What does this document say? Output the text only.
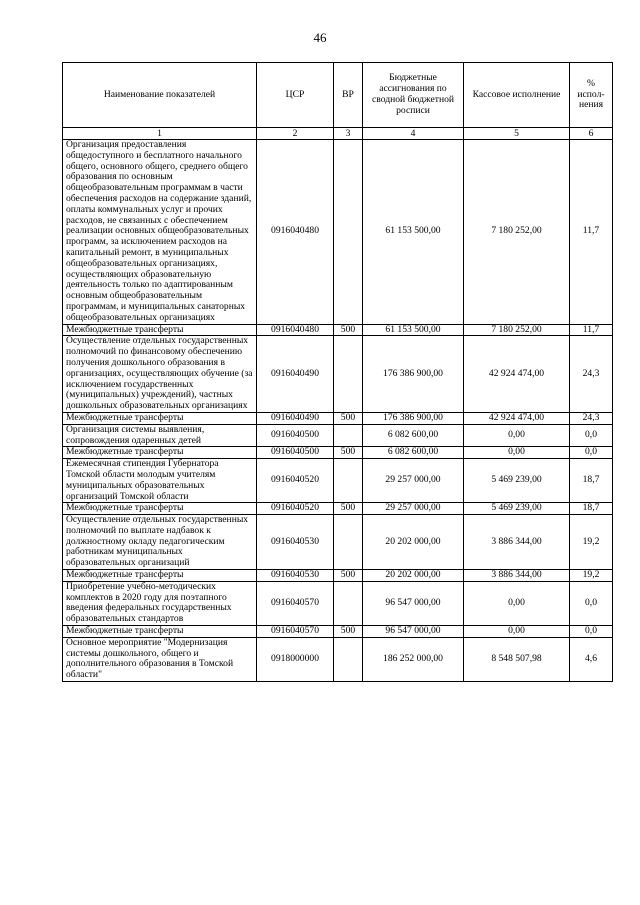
46
Наименование показателей	ЦСР	ВР	Бюджетные ассигнования по сводной бюджетной росписи	Кассовое исполнение	% испол-нения
1	2	3	4	5	6
Организация предоставления общедоступного и бесплатного начального общего, основного общего, среднего общего образования по основным общеобразовательным программам в части обеспечения расходов на содержание зданий, оплаты коммунальных услуг и прочих расходов, не связанных с обеспечением реализации основных общеобразовательных программ, за исключением расходов на капитальный ремонт, в муниципальных общеобразовательных организациях, осуществляющих образовательную деятельность только по адаптированным основным общеобразовательным программам, и муниципальных санаторных общеобразовательных организациях	0916040480		61 153 500,00	7 180 252,00	11,7
Межбюджетные трансферты	0916040480	500	61 153 500,00	7 180 252,00	11,7
Осуществление отдельных государственных полномочий по финансовому обеспечению получения дошкольного образования в организациях, осуществляющих обучение (за исключением государственных (муниципальных) учреждений), частных дошкольных образовательных организациях	0916040490		176 386 900,00	42 924 474,00	24,3
Межбюджетные трансферты	0916040490	500	176 386 900,00	42 924 474,00	24,3
Организация системы выявления, сопровождения одаренных детей	0916040500		6 082 600,00	0,00	0,0
Межбюджетные трансферты	0916040500	500	6 082 600,00	0,00	0,0
Ежемесячная стипендия Губернатора Томской области молодым учителям муниципальных образовательных организаций Томской области	0916040520		29 257 000,00	5 469 239,00	18,7
Межбюджетные трансферты	0916040520	500	29 257 000,00	5 469 239,00	18,7
Осуществление отдельных государственных полномочий по выплате надбавок к должностному окладу педагогическим работникам муниципальных образовательных организаций	0916040530		20 202 000,00	3 886 344,00	19,2
Межбюджетные трансферты	0916040530	500	20 202 000,00	3 886 344,00	19,2
Приобретение учебно-методических комплектов в 2020 году для поэтапного введения федеральных государственных образовательных стандартов	0916040570		96 547 000,00	0,00	0,0
Межбюджетные трансферты	0916040570	500	96 547 000,00	0,00	0,0
Основное мероприятие "Модернизация системы дошкольного, общего и дополнительного образования в Томской области"	0918000000		186 252 000,00	8 548 507,98	4,6
